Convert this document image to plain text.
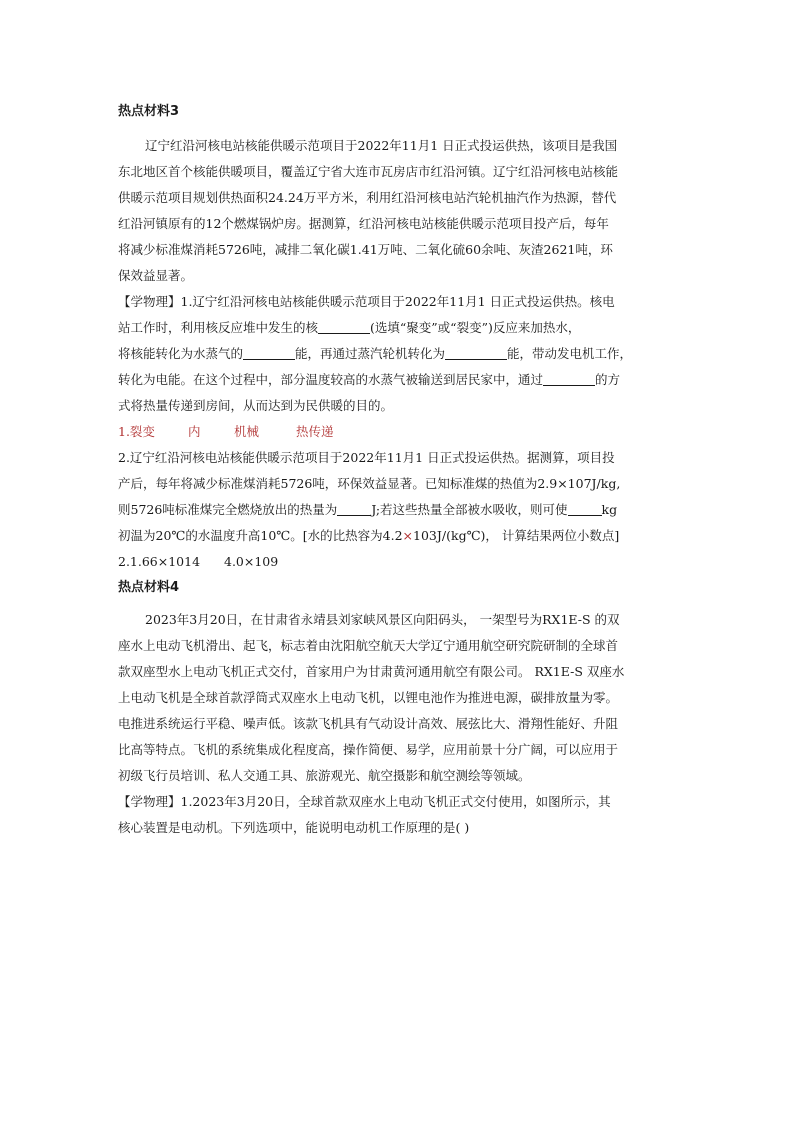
热点材料3

辽宁红沿河核电站核能供暖示范项目于2022年11月1 日正式投运供热，该项目是我国

东北地区首个核能供暖项目，覆盖辽宁省大连市瓦房店市红沿河镇。辽宁红沿河核电站核能

供暖示范项目规划供热面积24.24万平方米，利用红沿河核电站汽轮机抽汽作为热源，替代

红沿河镇原有的12个燃煤锅炉房。据测算，红沿河核电站核能供暖示范项目投产后，每年

将减少标准煤消耗5726吨，减排二氧化碳1.41万吨、二氧化硫60余吨、灰渣2621吨，环

保效益显著。

【学物理】1.辽宁红沿河核电站核能供暖示范项目于2022年11月1 日正式投运供热。核电

站工作时，利用核反应堆中发生的核	(选填“聚变”或“裂变”)反应来加热水，

将核能转化为水蒸气的	能，再通过蒸汽轮机转化为	能，带动发电机工作，

转化为电能。在这个过程中，部分温度较高的水蒸气被输送到居民家中，通过	的方

式将热量传递到房间，从而达到为民供暖的目的。

1.裂变	内	机械	热传递

2.辽宁红沿河核电站核能供暖示范项目于2022年11月1 日正式投运供热。据测算，项目投

产后，每年将减少标准煤消耗5726吨，环保效益显著。已知标准煤的热值为2.9×107J/kg,

则5726吨标准煤完全燃烧放出的热量为	J;若这些热量全部被水吸收，则可使	kg

初温为20℃的水温度升高10℃。[水的比热容为4.2×103J/(kg℃)， 计算结果两位小数点]

2.1.66×1014 4.0×109

热点材料4

2023年3月20日，在甘肃省永靖县刘家峡风景区向阳码头， 一架型号为RX1E-S 的双

座水上电动飞机滑出、起飞，标志着由沈阳航空航天大学辽宁通用航空研究院研制的全球首

款双座型水上电动飞机正式交付，首家用户为甘肃黄河通用航空有限公司。 RX1E-S 双座水

上电动飞机是全球首款浮筒式双座水上电动飞机，以锂电池作为推进电源，碳排放量为零。

电推进系统运行平稳、噪声低。该款飞机具有气动设计高效、展弦比大、滑翔性能好、升阻

比高等特点。飞机的系统集成化程度高，操作简便、易学，应用前景十分广阔，可以应用于

初级飞行员培训、私人交通工具、旅游观光、航空摄影和航空测绘等领域。

【学物理】1.2023年3月20日，全球首款双座水上电动飞机正式交付使用，如图所示，其

核心装置是电动机。下列选项中，能说明电动机工作原理的是( )
